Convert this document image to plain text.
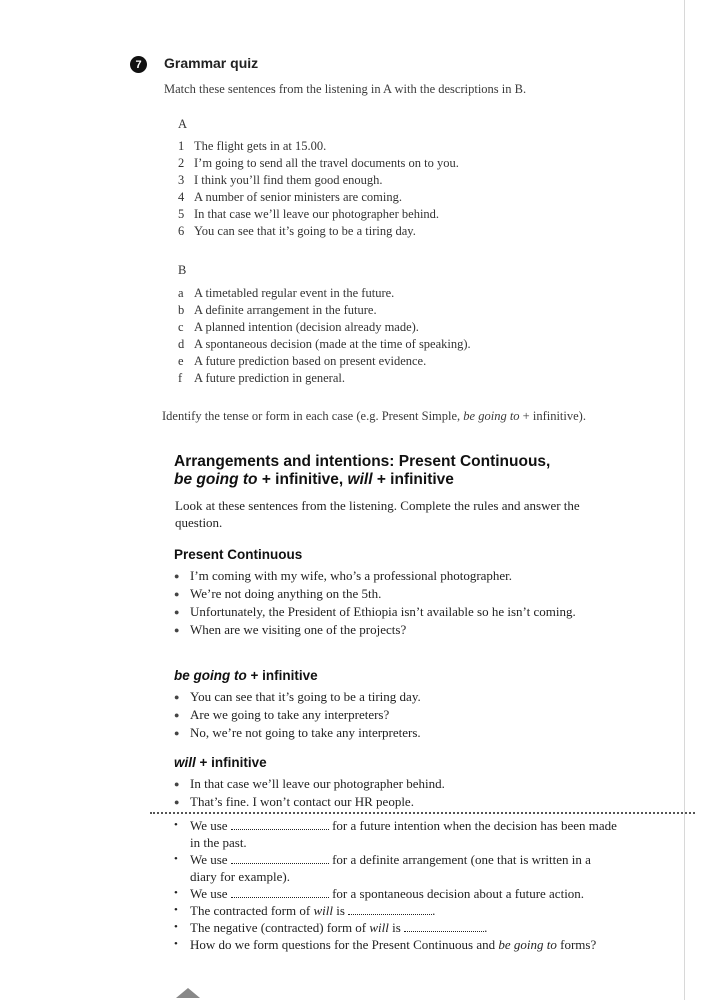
7	Grammar quiz
Match these sentences from the listening in A with the descriptions in B.
A
1 The flight gets in at 15.00.
2 I’m going to send all the travel documents on to you.
3 I think you’ll find them good enough.
4 A number of senior ministers are coming.
5 In that case we’ll leave our photographer behind.
6 You can see that it’s going to be a tiring day.
B
a A timetabled regular event in the future.
b A definite arrangement in the future.
c A planned intention (decision already made).
d A spontaneous decision (made at the time of speaking).
e A future prediction based on present evidence.
f A future prediction in general.
Identify the tense or form in each case (e.g. Present Simple, be going to + infinitive).
Arrangements and intentions: Present Continuous,
be going to + infinitive, will + infinitive
Look at these sentences from the listening. Complete the rules and answer the question.
Present Continuous
● I’m coming with my wife, who’s a professional photographer.
● We’re not doing anything on the 5th.
● Unfortunately, the President of Ethiopia isn’t available so he isn’t coming.
● When are we visiting one of the projects?
be going to + infinitive
● You can see that it’s going to be a tiring day.
● Are we going to take any interpreters?
● No, we’re not going to take any interpreters.
will + infinitive
● In that case we’ll leave our photographer behind.
● That’s fine. I won’t contact our HR people.
• We use	for a future intention when the decision has been made in the past.
• We use	for a definite arrangement (one that is written in a diary for example).
• We use	for a spontaneous decision about a future action.
• The contracted form of will is	.
• The negative (contracted) form of will is	.
• How do we form questions for the Present Continuous and be going to forms?
